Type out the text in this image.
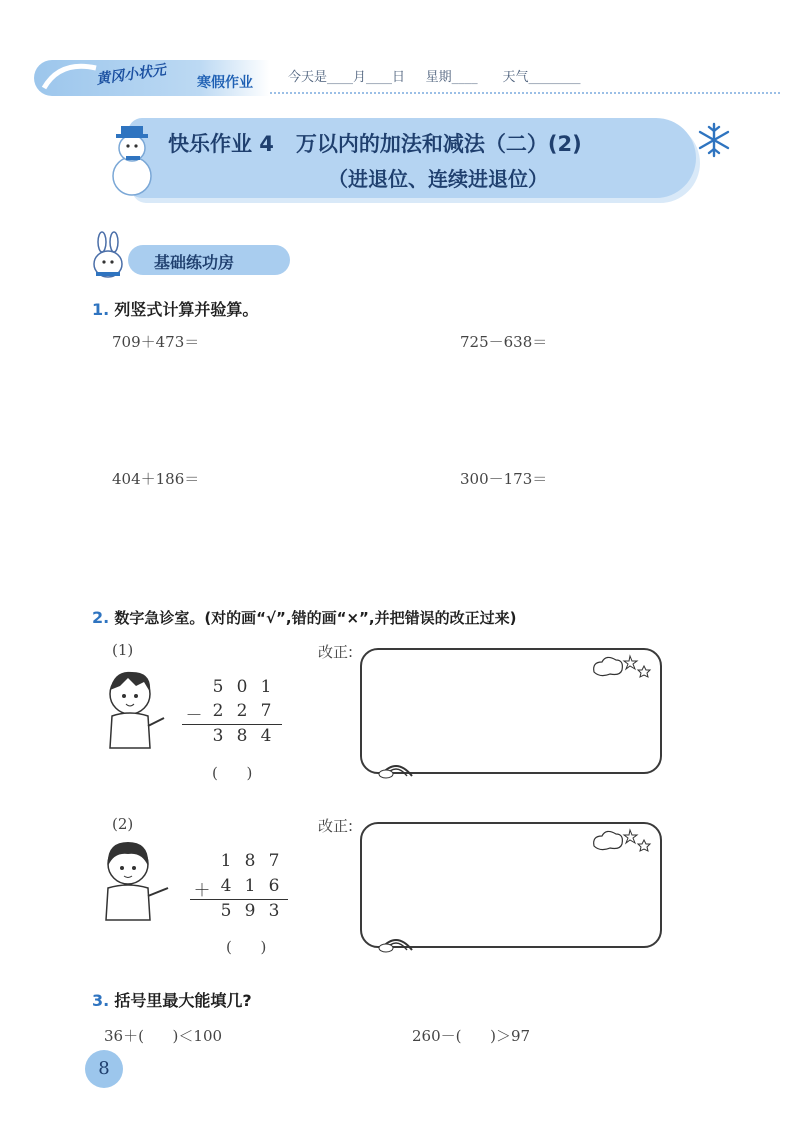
黄冈小状元 寒假作业	今天是____月____日     星期____      天气________
快乐作业 4   万以内的加法和减法（二）(2)
（进退位、连续进退位）
基础练功房
1. 列竖式计算并验算。
709＋473＝	725－638＝
404＋186＝	300－173＝
2. 数字急诊室。(对的画“√”,错的画“×”,并把错误的改正过来)
(1)
5 0 1
－ 2 2 7
3 8 4
(      )
改正:
(2)
1 8 7
＋ 4 1 6
5 9 3
(      )
改正:
3. 括号里最大能填几?
36＋(      )＜100	260－(      )＞97
8
